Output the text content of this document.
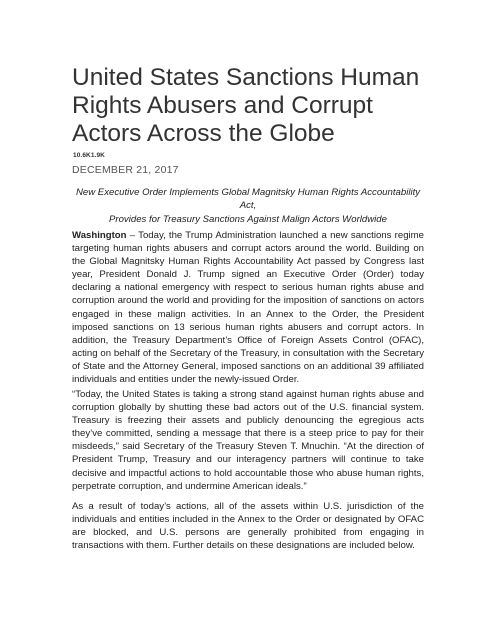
United States Sanctions Human Rights Abusers and Corrupt Actors Across the Globe
10.6K1.9K
DECEMBER 21, 2017

New Executive Order Implements Global Magnitsky Human Rights Accountability Act,
Provides for Treasury Sanctions Against Malign Actors Worldwide

Washington – Today, the Trump Administration launched a new sanctions regime targeting human rights abusers and corrupt actors around the world. Building on the Global Magnitsky Human Rights Accountability Act passed by Congress last year, President Donald J. Trump signed an Executive Order (Order) today declaring a national emergency with respect to serious human rights abuse and corruption around the world and providing for the imposition of sanctions on actors engaged in these malign activities. In an Annex to the Order, the President imposed sanctions on 13 serious human rights abusers and corrupt actors. In addition, the Treasury Department’s Office of Foreign Assets Control (OFAC), acting on behalf of the Secretary of the Treasury, in consultation with the Secretary of State and the Attorney General, imposed sanctions on an additional 39 affiliated individuals and entities under the newly-issued Order.

“Today, the United States is taking a strong stand against human rights abuse and corruption globally by shutting these bad actors out of the U.S. financial system. Treasury is freezing their assets and publicly denouncing the egregious acts they’ve committed, sending a message that there is a steep price to pay for their misdeeds,” said Secretary of the Treasury Steven T. Mnuchin. “At the direction of President Trump, Treasury and our interagency partners will continue to take decisive and impactful actions to hold accountable those who abuse human rights, perpetrate corruption, and undermine American ideals.”

As a result of today’s actions, all of the assets within U.S. jurisdiction of the individuals and entities included in the Annex to the Order or designated by OFAC are blocked, and U.S. persons are generally prohibited from engaging in transactions with them. Further details on these designations are included below.
